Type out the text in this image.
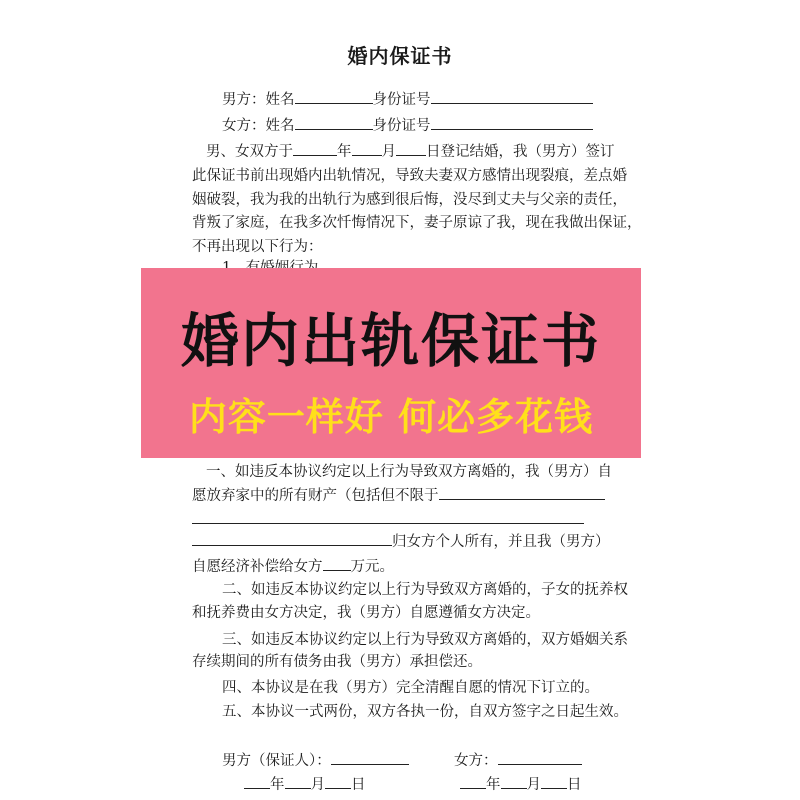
婚内保证书
男方：姓名	身份证号
女方：姓名	身份证号
男、女双方于	年 月 日登记结婚，我（男方）签订
此保证书前出现婚内出轨情况，导致夫妻双方感情出现裂痕，差点婚
姻破裂，我为我的出轨行为感到很后悔，没尽到丈夫与父亲的责任，
背叛了家庭，在我多次忏悔情况下，妻子原谅了我，现在我做出保证，
不再出现以下行为：
婚内出轨保证书
内容一样好 何必多花钱
一、如违反本协议约定以上行为导致双方离婚的，我（男方）自
愿放弃家中的所有财产（包括但不限于
归女方个人所有，并且我（男方）
自愿经济补偿给女方 万元。
二、如违反本协议约定以上行为导致双方离婚的，子女的抚养权
和抚养费由女方决定，我（男方）自愿遵循女方决定。
三、如违反本协议约定以上行为导致双方离婚的，双方婚姻关系
存续期间的所有债务由我（男方）承担偿还。
四、本协议是在我（男方）完全清醒自愿的情况下订立的。
五、本协议一式两份，双方各执一份，自双方签字之日起生效。
男方（保证人）：	女方：
年 月 日	年 月 日
